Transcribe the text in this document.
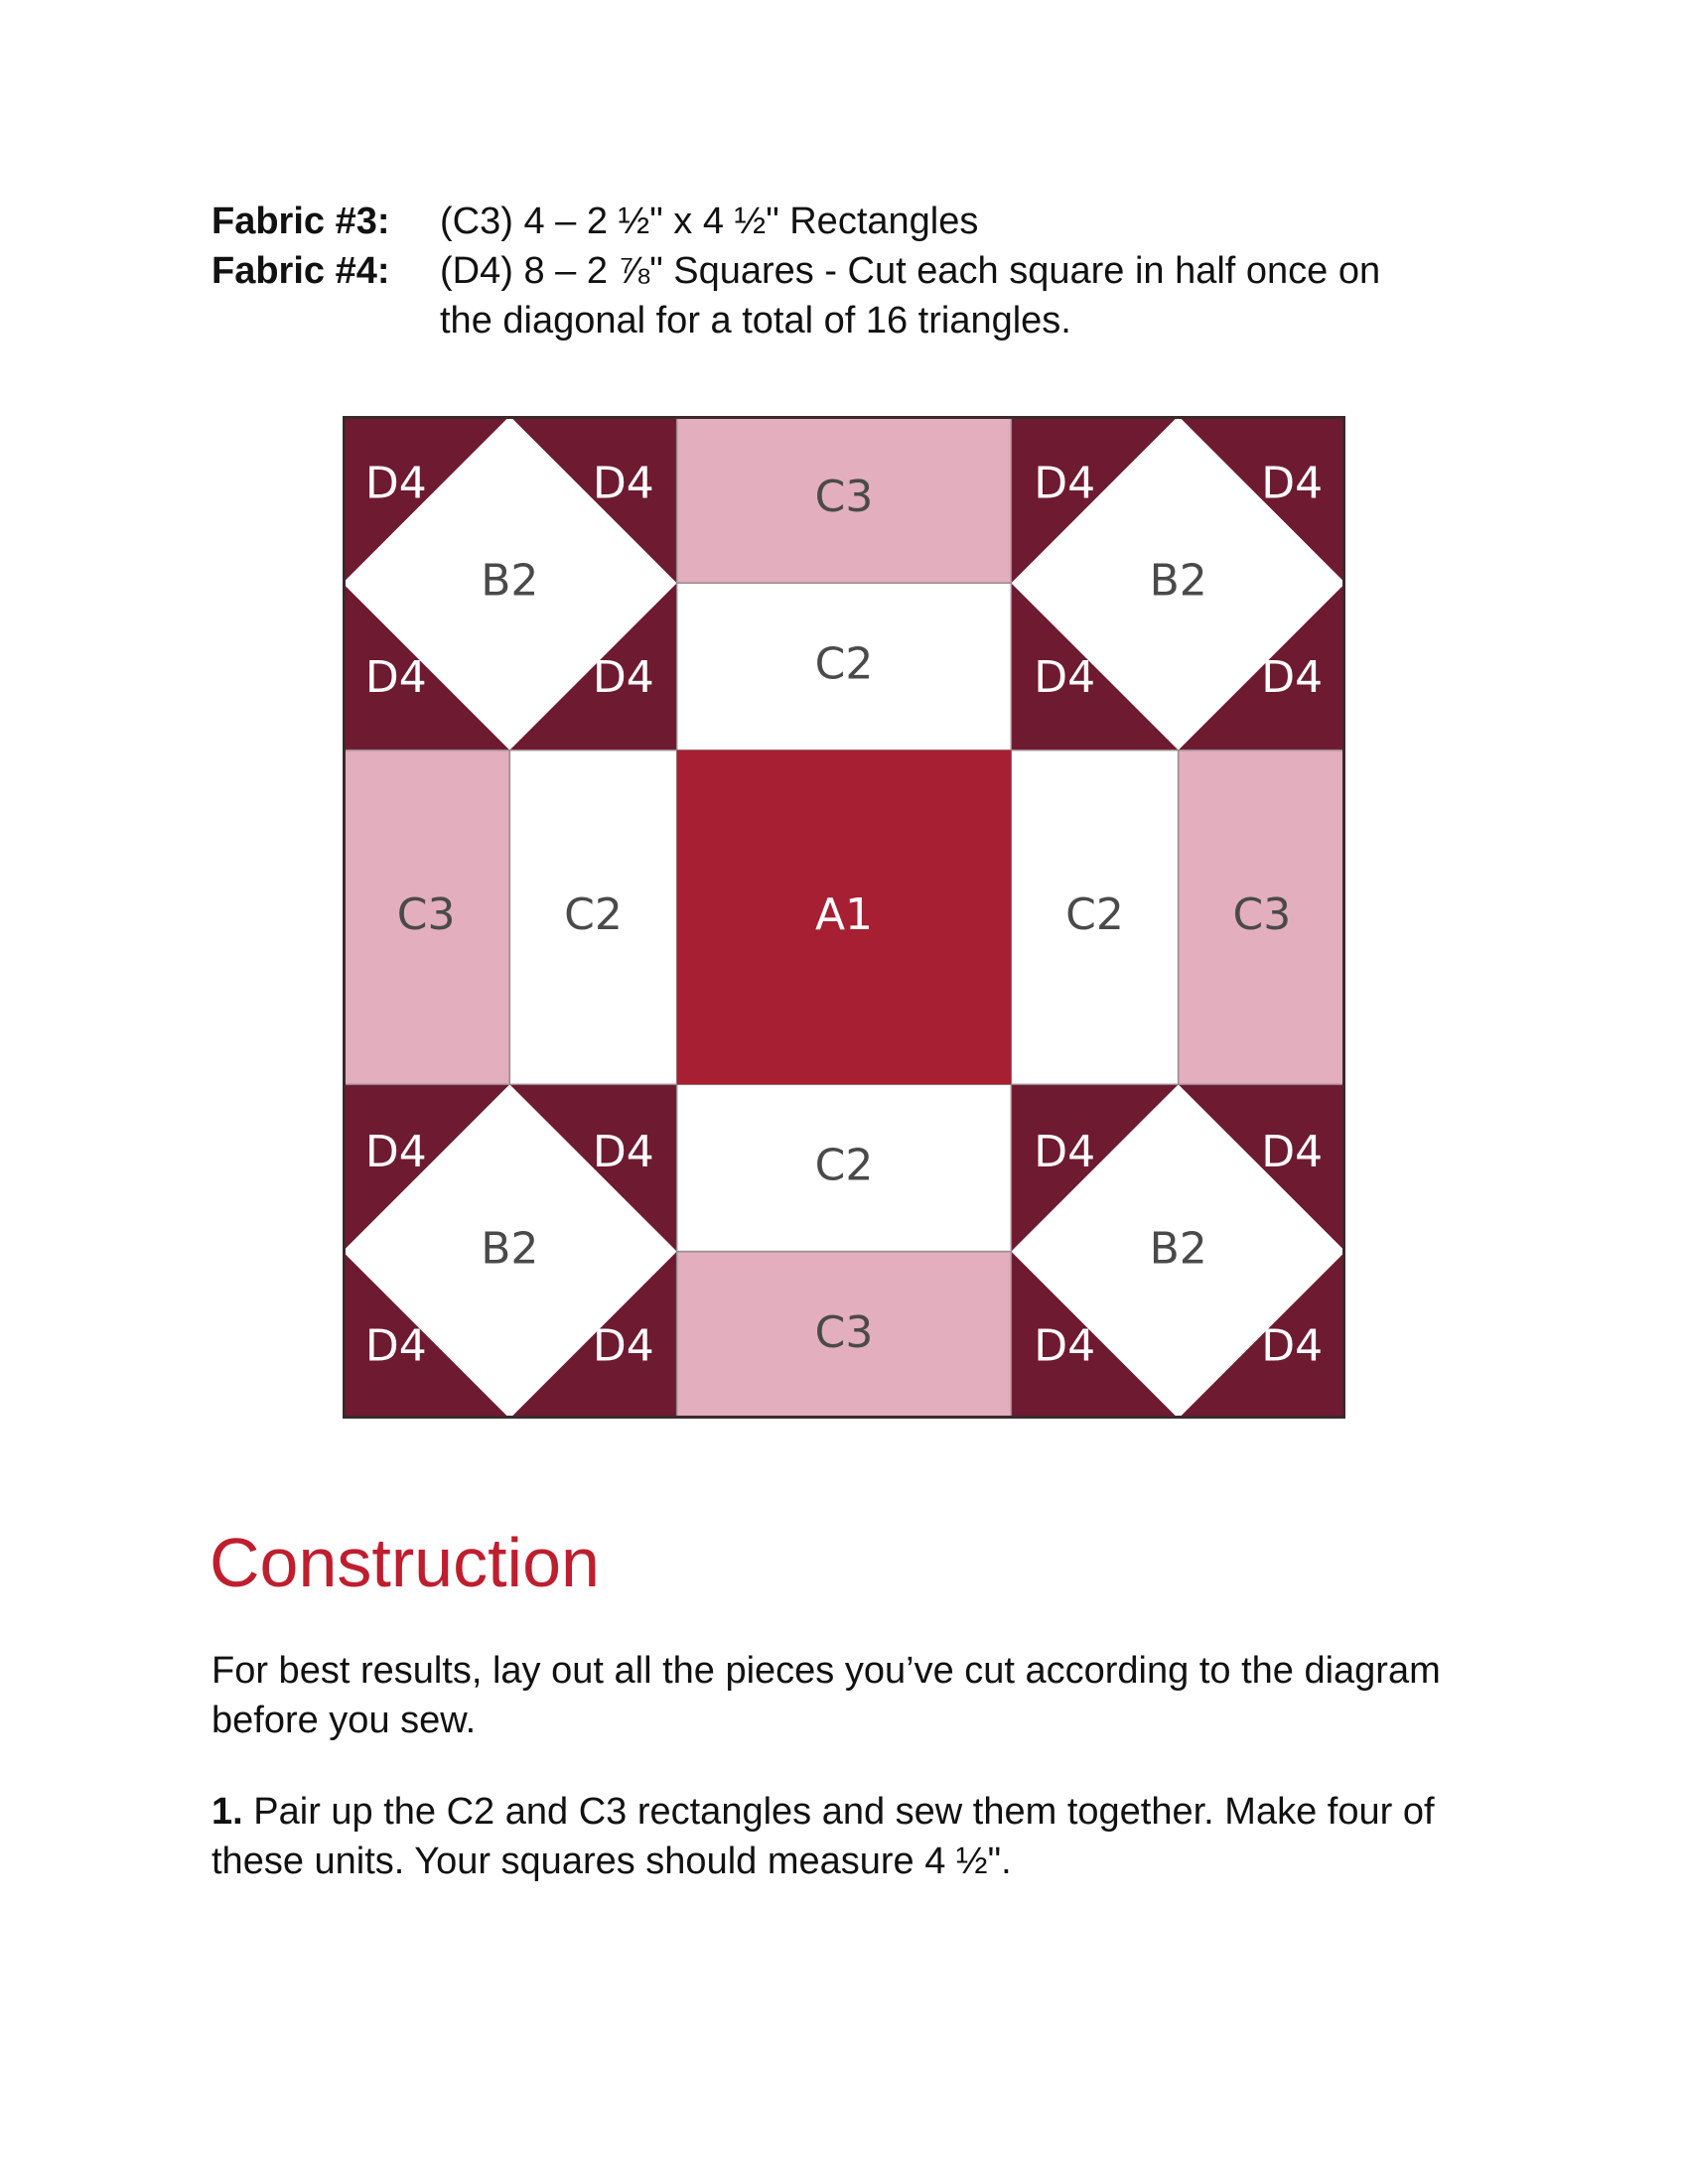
Fabric #3:	(C3) 4 – 2 ½" x 4 ½" Rectangles
Fabric #4:	(D4) 8 – 2 ⅞" Squares - Cut each square in half once on
the diagonal for a total of 16 triangles.
B2
D4	D4
D4	D4
B2
D4	D4
D4	D4
B2
D4	D4
D4	D4
B2
D4	D4
D4	D4
C3
C2
C2
C3
C3 C2	C2 C3
A1
Construction

For best results, lay out all the pieces you’ve cut according to the diagram before you sew.

1. Pair up the C2 and C3 rectangles and sew them together. Make four of these units. Your squares should measure 4 ½".
